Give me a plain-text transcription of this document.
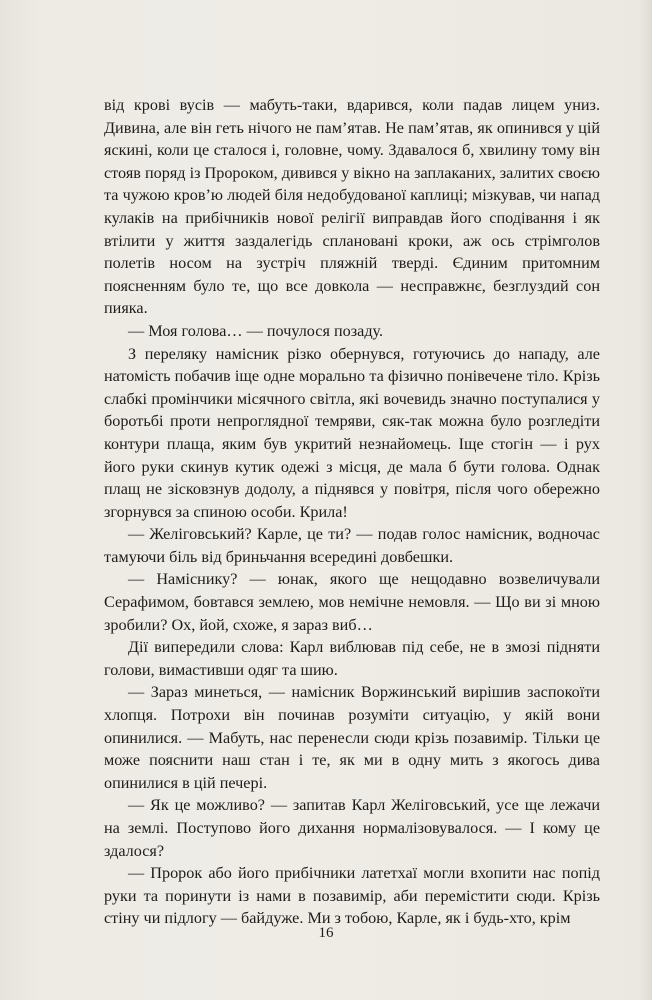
від крові вусів — мабуть-таки, вдарився, коли падав лицем униз. Дивина, але він геть нічого не пам’ятав. Не пам’ятав, як опинився у цій яскині, коли це сталося і, головне, чому. Здавалося б, хвилину тому він стояв поряд із Пророком, дивився у вікно на заплаканих, залитих своєю та чужою кров’ю людей біля недобудованої каплиці; мізкував, чи напад кулаків на прибічників нової релігії виправдав його сподівання і як втілити у життя заздалегідь сплановані кроки, аж ось стрімголов полетів носом на зустріч пляжній тверді. Єдиним притомним поясненням було те, що все довкола — несправжнє, безглуздий сон пияка.

— Моя голова… — почулося позаду.

З переляку намісник різко обернувся, готуючись до нападу, але натомість побачив іще одне морально та фізично понівечене тіло. Крізь слабкі промінчики місячного світла, які вочевидь значно поступалися у боротьбі проти непроглядної темряви, сяк-так можна було розгледіти контури плаща, яким був укритий незнайомець. Іще стогін — і рух його руки скинув кутик одежі з місця, де мала б бути голова. Однак плащ не зісковзнув додолу, а піднявся у повітря, після чого обережно згорнувся за спиною особи. Крила!

— Желіговський? Карле, це ти? — подав голос намісник, водночас тамуючи біль від бриньчання всередині довбешки.

— Наміснику? — юнак, якого ще нещодавно возвеличували Серафимом, бовтався землею, мов немічне немовля. — Що ви зі мною зробили? Ох, йой, схоже, я зараз виб…

Дії випередили слова: Карл виблював під себе, не в змозі підняти голови, вимастивши одяг та шию.

— Зараз минеться, — намісник Воржинський вирішив заспокоїти хлопця. Потрохи він починав розуміти ситуацію, у якій вони опинилися. — Мабуть, нас перенесли сюди крізь позавимір. Тільки це може пояснити наш стан і те, як ми в одну мить з якогось дива опинилися в цій печері.

— Як це можливо? — запитав Карл Желіговський, усе ще лежачи на землі. Поступово його дихання нормалізовувалося. — І кому це здалося?

— Пророк або його прибічники латетхаї могли вхопити нас попід руки та поринути із нами в позавимір, аби перемістити сюди. Крізь стіну чи підлогу — байдуже. Ми з тобою, Карле, як і будь-хто, крім

16
